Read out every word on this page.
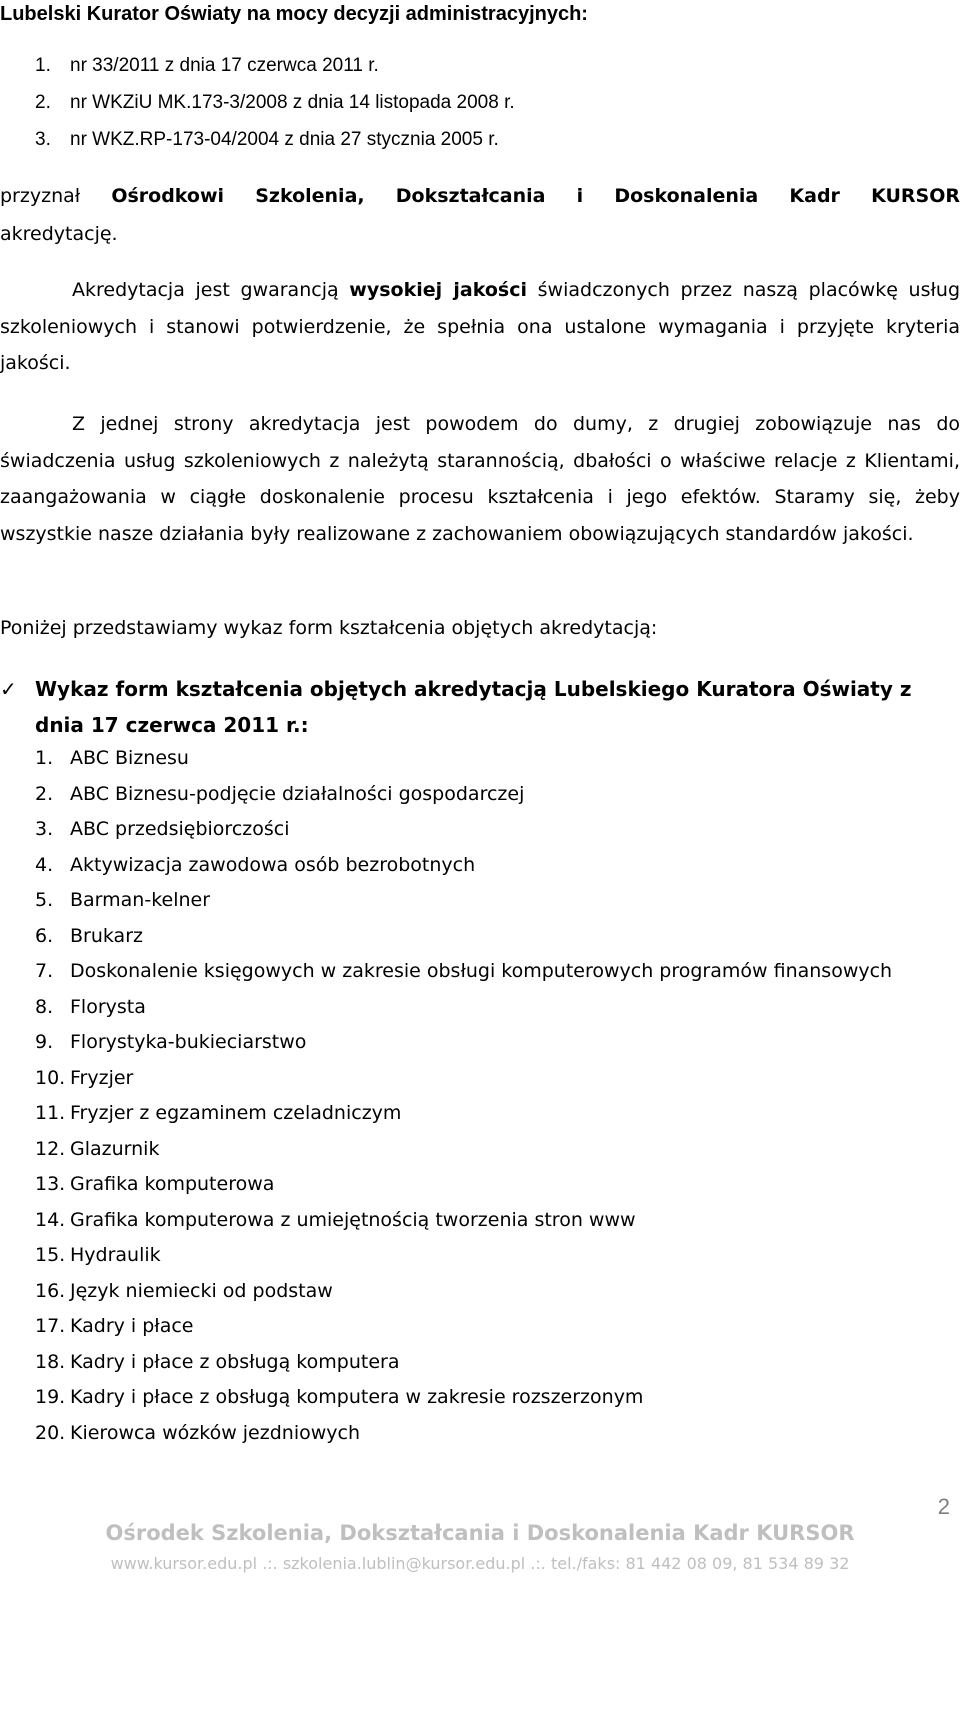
Lubelski Kurator Oświaty na mocy decyzji administracyjnych:
1. nr 33/2011 z dnia 17 czerwca 2011 r.
2. nr WKZiU MK.173-3/2008 z dnia 14 listopada 2008 r.
3. nr WKZ.RP-173-04/2004 z dnia 27 stycznia 2005 r.
przyznał Ośrodkowi Szkolenia, Dokształcania i Doskonalenia Kadr KURSOR
akredytację.

Akredytacja jest gwarancją wysokiej jakości świadczonych przez naszą placówkę usług szkoleniowych i stanowi potwierdzenie, że spełnia ona ustalone wymagania i przyjęte kryteria jakości.

Z jednej strony akredytacja jest powodem do dumy, z drugiej zobowiązuje nas do świadczenia usług szkoleniowych z należytą starannością, dbałości o właściwe relacje z Klientami, zaangażowania w ciągłe doskonalenie procesu kształcenia i jego efektów. Staramy się, żeby wszystkie nasze działania były realizowane z zachowaniem obowiązujących standardów jakości.

Poniżej przedstawiamy wykaz form kształcenia objętych akredytacją:
✓ Wykaz form kształcenia objętych akredytacją Lubelskiego Kuratora Oświaty z dnia 17 czerwca 2011 r.:
1. ABC Biznesu
2. ABC Biznesu-podjęcie działalności gospodarczej
3. ABC przedsiębiorczości
4. Aktywizacja zawodowa osób bezrobotnych
5. Barman-kelner
6. Brukarz
7. Doskonalenie księgowych w zakresie obsługi komputerowych programów finansowych
8. Florysta
9. Florystyka-bukieciarstwo
10. Fryzjer
11. Fryzjer z egzaminem czeladniczym
12. Glazurnik
13. Grafika komputerowa
14. Grafika komputerowa z umiejętnością tworzenia stron www
15. Hydraulik
16. Język niemiecki od podstaw
17. Kadry i płace
18. Kadry i płace z obsługą komputera
19. Kadry i płace z obsługą komputera w zakresie rozszerzonym
20. Kierowca wózków jezdniowych
2
Ośrodek Szkolenia, Dokształcania i Doskonalenia Kadr KURSOR
www.kursor.edu.pl .:. szkolenia.lublin@kursor.edu.pl .:. tel./faks: 81 442 08 09, 81 534 89 32
